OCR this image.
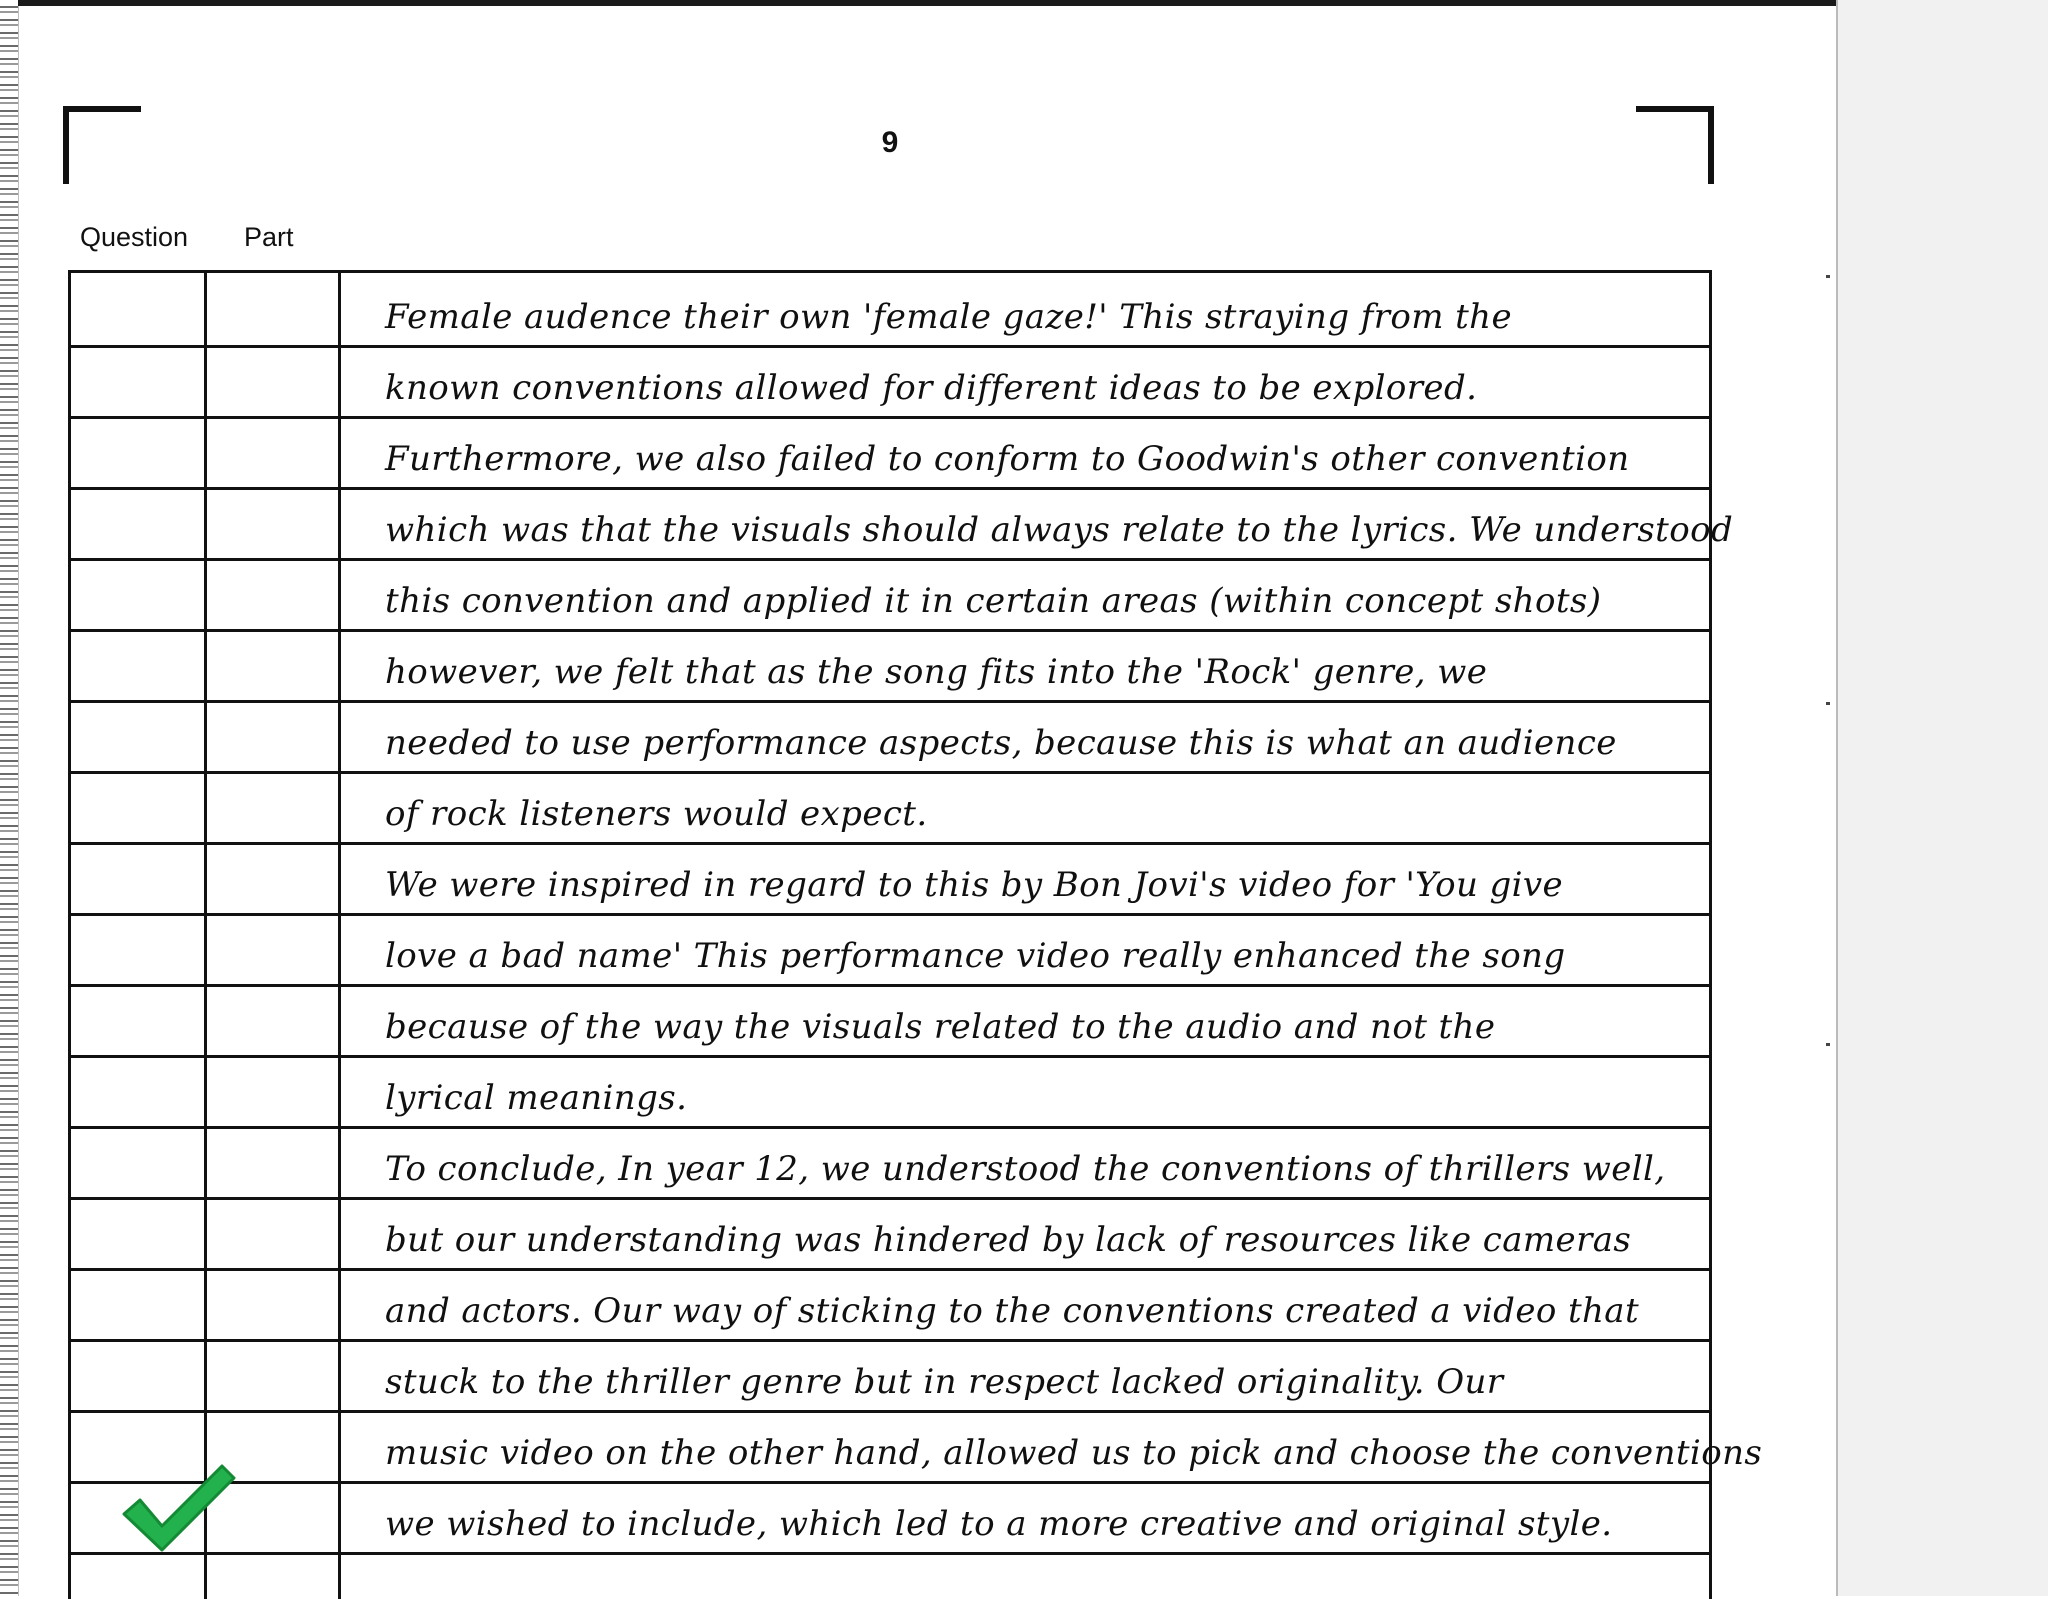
9
Question Part
Female audence their own 'female gaze!' This straying from the
known conventions allowed for different ideas to be explored.
Furthermore, we also failed to conform to Goodwin's other convention
which was that the visuals should always relate to the lyrics. We understood
this convention and applied it in certain areas (within concept shots)
however, we felt that as the song fits into the 'Rock' genre, we
needed to use performance aspects, because this is what an audience
of rock listeners would expect.
We were inspired in regard to this by Bon Jovi's video for 'You give
love a bad name' This performance video really enhanced the song
because of the way the visuals related to the audio and not the
lyrical meanings.
To conclude, In year 12, we understood the conventions of thrillers well,
but our understanding was hindered by lack of resources like cameras
and actors. Our way of sticking to the conventions created a video that
stuck to the thriller genre but in respect lacked originality. Our
music video on the other hand, allowed us to pick and choose the conventions
we wished to include, which led to a more creative and original style.
